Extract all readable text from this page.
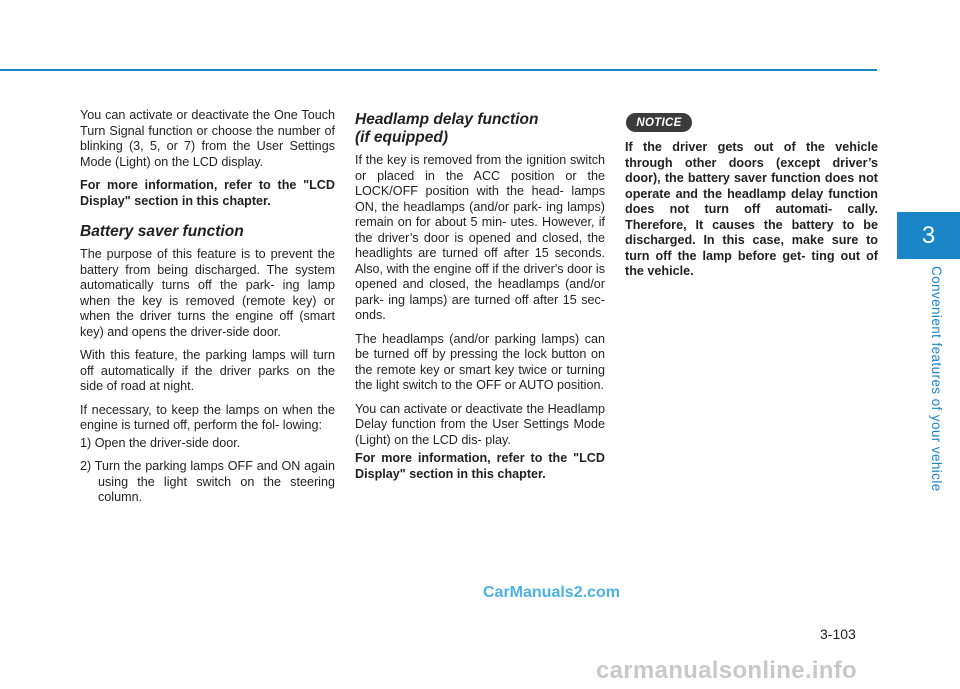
You can activate or deactivate the One Touch Turn Signal function or choose the number of blinking (3, 5, or 7) from the User Settings Mode (Light) on the LCD display.

For more information, refer to the "LCD Display" section in this chapter.

Battery saver function

The purpose of this feature is to prevent the battery from being discharged. The system automatically turns off the park- ing lamp when the key is removed (remote key) or when the driver turns the engine off (smart key) and opens the driver-side door.

With this feature, the parking lamps will turn off automatically if the driver parks on the side of road at night.

If necessary, to keep the lamps on when the engine is turned off, perform the fol- lowing:

1) Open the driver-side door.

2) Turn the parking lamps OFF and ON again using the light switch on the steering column.

Headlamp delay function
(if equipped)

If the key is removed from the ignition switch or placed in the ACC position or the LOCK/OFF position with the head- lamps ON, the headlamps (and/or park- ing lamps) remain on for about 5 min- utes. However, if the driver’s door is opened and closed, the headlights are turned off after 15 seconds. Also, with the engine off if the driver's door is opened and closed, the headlamps (and/or park- ing lamps) are turned off after 15 sec- onds.

The headlamps (and/or parking lamps) can be turned off by pressing the lock button on the remote key or smart key twice or turning the light switch to the OFF or AUTO position.

You can activate or deactivate the Headlamp Delay function from the User Settings Mode (Light) on the LCD dis- play.

For more information, refer to the "LCD Display" section in this chapter.

NOTICE

If the driver gets out of the vehicle through other doors (except driver’s door), the battery saver function does not operate and the headlamp delay function does not turn off automati- cally. Therefore, It causes the battery to be discharged. In this case, make sure to turn off the lamp before get- ting out of the vehicle.

3
Convenient features of your vehicle
CarManuals2.com
3-103
carmanualsonline.info
